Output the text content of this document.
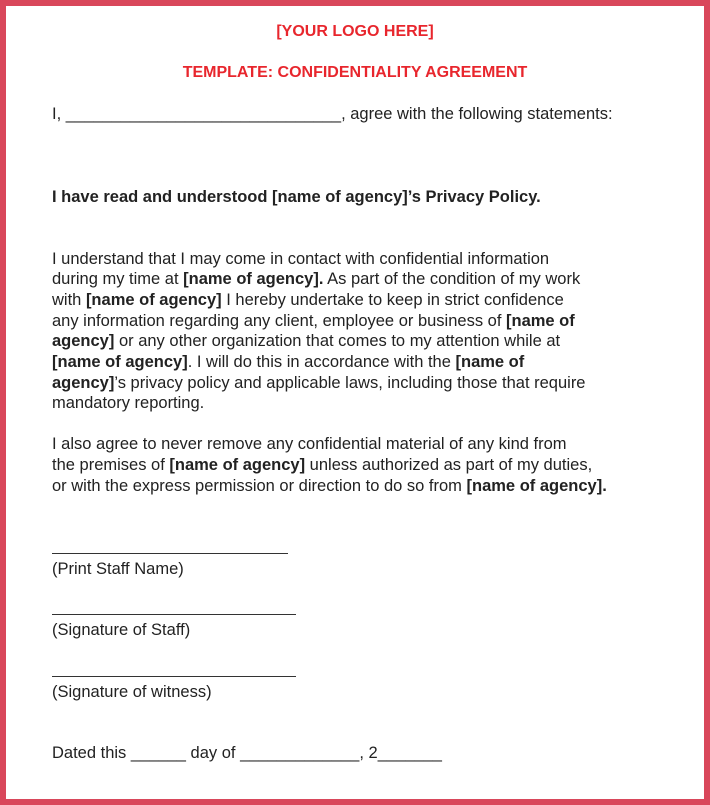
[YOUR LOGO HERE]
TEMPLATE: CONFIDENTIALITY AGREEMENT
I, ______________________________, agree with the following statements:
I have read and understood [name of agency]’s Privacy Policy.
I understand that I may come in contact with confidential information
during my time at [name of agency]. As part of the condition of my work
with [name of agency] I hereby undertake to keep in strict confidence
any information regarding any client, employee or business of [name of
agency] or any other organization that comes to my attention while at
[name of agency]. I will do this in accordance with the [name of
agency]’s privacy policy and applicable laws, including those that require
mandatory reporting.
I also agree to never remove any confidential material of any kind from
the premises of [name of agency] unless authorized as part of my duties,
or with the express permission or direction to do so from [name of agency].
(Print Staff Name)
(Signature of Staff)
(Signature of witness)
Dated this ______ day of _____________, 2_______
